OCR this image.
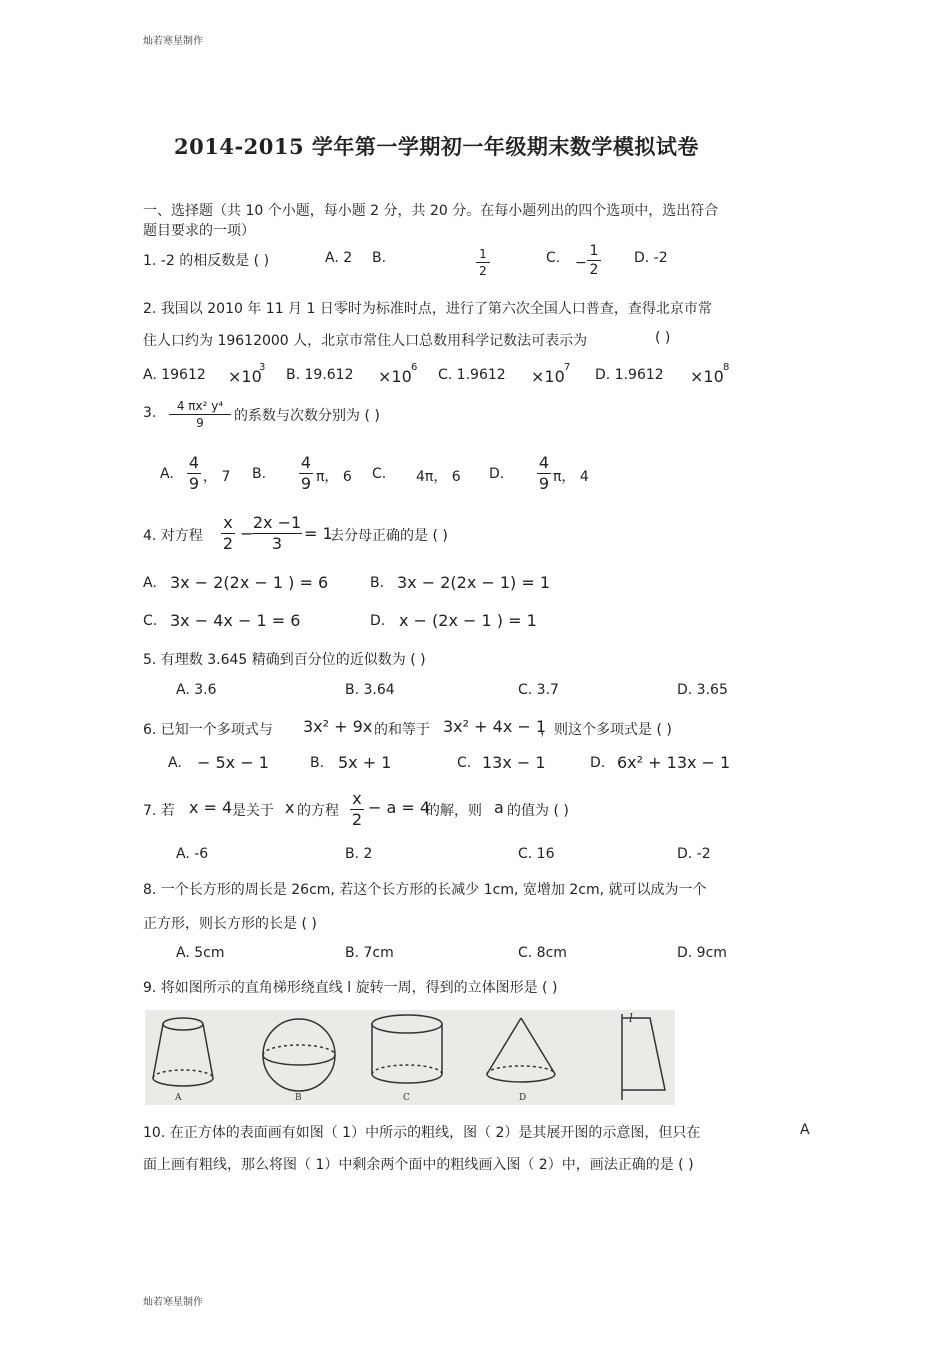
灿若寒星制作
灿若寒星制作
2014-2015 学年第一学期初一年级期末数学模拟试卷
一、选择题（共 10 个小题，每小题 2 分，共 20 分。在每小题列出的四个选项中，选出符合
题目要求的一项）
1. -2 的相反数是 ( )	A. 2 B.	1
2
C. −
1
2
D. -2
2. 我国以 2010 年 11 月 1 日零时为标准时点，进行了第六次全国人口普查，查得北京市常
住人口约为 19612000 人，北京市常住人口总数用科学记数法可表示为	( )
A. 19612 ×10
3 B. 19.612 ×10 6 C. 1.9612 ×10 7 D. 1.9612 ×10 8
3.	4 πx² y⁴
9	的系数与次数分别为 ( )
A.
4
9 ， 7 B.
4
9 π， 6 C. 4π， 6 D.
4
9 π， 4
4. 对方程
x
2
−
2x −1
3
= 1
去分母正确的是 ( )
A. 3x − 2(2x − 1 ) = 6	B. 3x − 2(2x − 1) = 1
C. 3x − 4x − 1 = 6	D. x − (2x − 1 ) = 1
5. 有理数 3.645 精确到百分位的近似数为 ( )
A. 3.6	B. 3.64	C. 3.7	D. 3.65
6. 已知一个多项式与 3x² + 9x 的和等于 3x² + 4x − 1
，则这个多项式是 ( )
A. − 5x − 1	B. 5x + 1	C. 13x − 1	D. 6x² + 13x − 1
7. 若 x = 4 是关于 x 的方程
x
2
− a = 4
的解，则 a 的值为 ( )
A. -6	B. 2	C. 16	D. -2
8. 一个长方形的周长是 26cm, 若这个长方形的长减少 1cm, 宽增加 2cm, 就可以成为一个
正方形，则长方形的长是 ( )
A. 5cm	B. 7cm	C. 8cm	D. 9cm
9. 将如图所示的直角梯形绕直线 l 旋转一周，得到的立体图形是 ( )
A	B	C	D
l
10. 在正方体的表面画有如图（ 1）中所示的粗线，图（ 2）是其展开图的示意图，但只在	A
面上画有粗线，那么将图（ 1）中剩余两个面中的粗线画入图（ 2）中，画法正确的是 ( )
